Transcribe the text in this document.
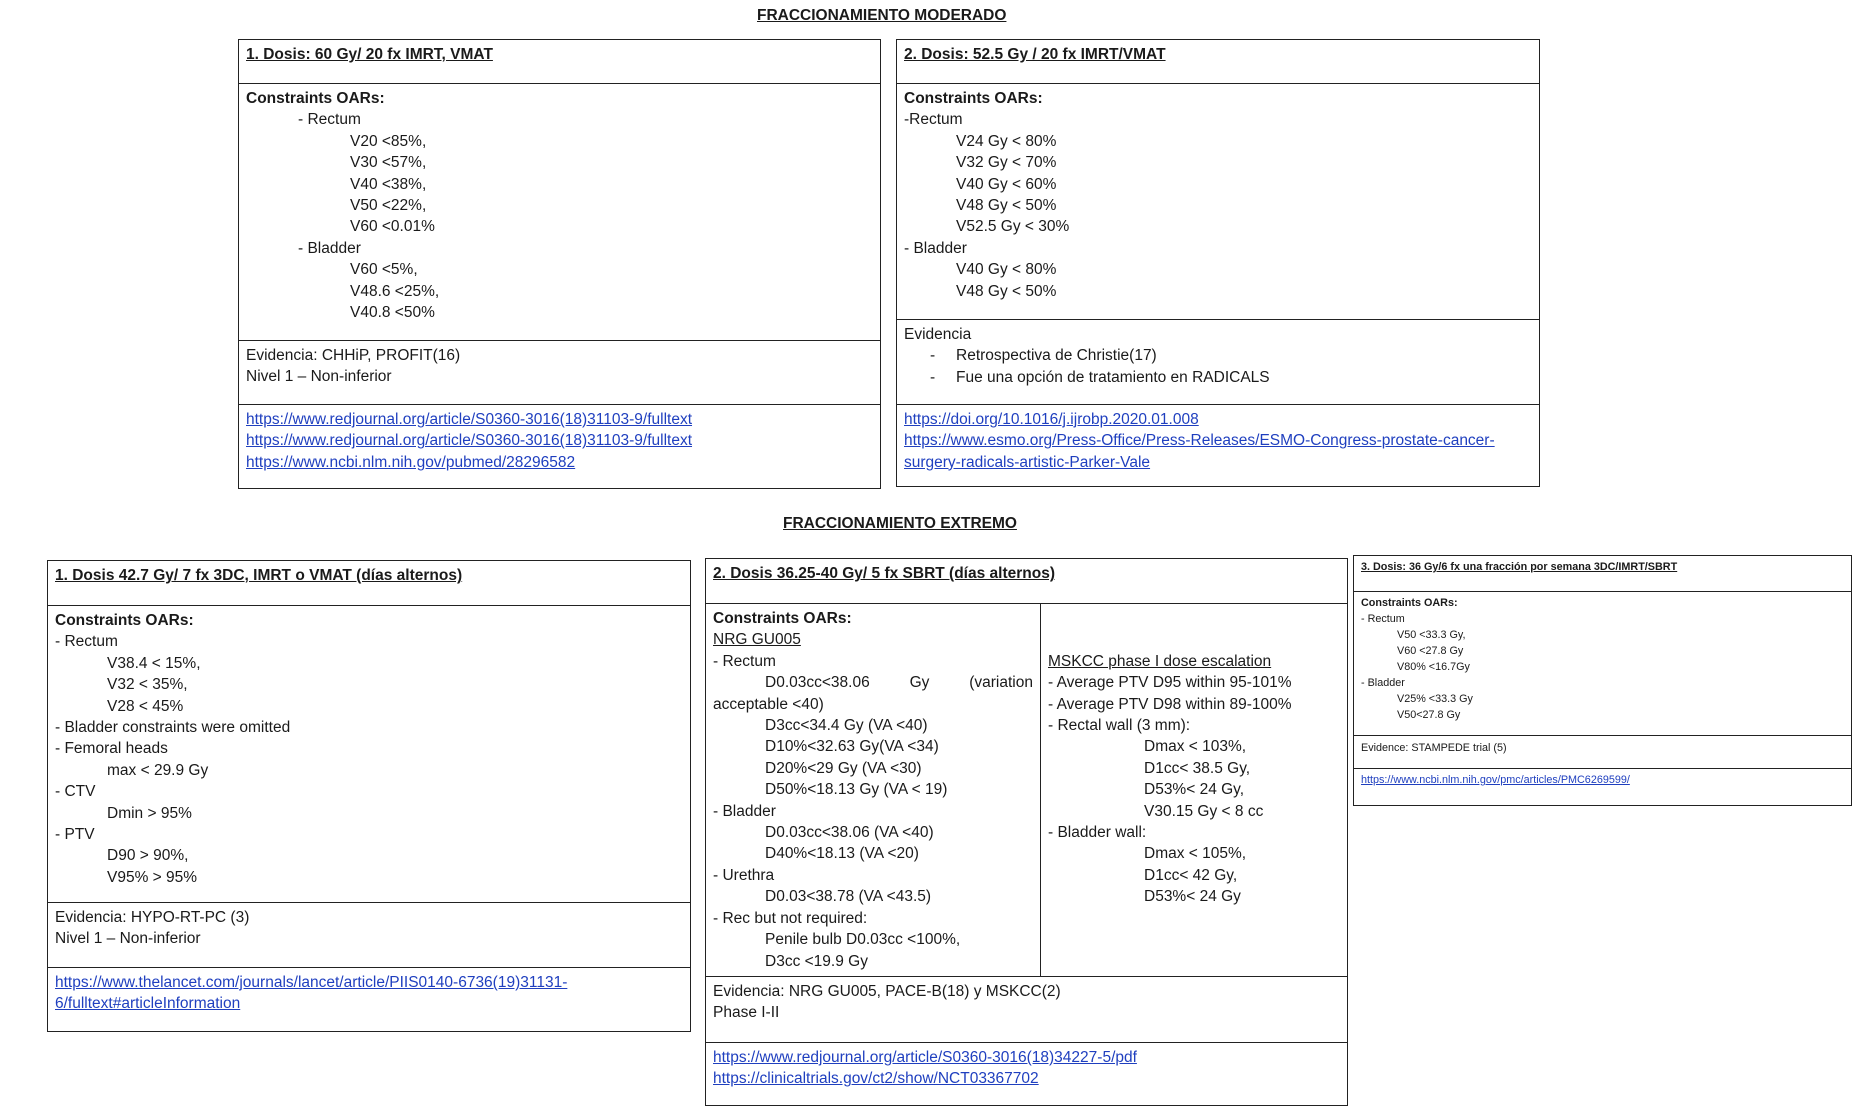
FRACCIONAMIENTO MODERADO
FRACCIONAMIENTO EXTREMO
1. Dosis: 60 Gy/ 20 fx IMRT, VMAT
Constraints OARs:
- Rectum
V20 <85%,
V30 <57%,
V40 <38%,
V50 <22%,
V60 <0.01%
- Bladder
V60 <5%,
V48.6 <25%,
V40.8 <50%
Evidencia: CHHiP, PROFIT(16)
Nivel 1 – Non-inferior
https://www.redjournal.org/article/S0360-3016(18)31103-9/fulltext
https://www.redjournal.org/article/S0360-3016(18)31103-9/fulltext
https://www.ncbi.nlm.nih.gov/pubmed/28296582
2. Dosis: 52.5 Gy / 20 fx IMRT/VMAT
Constraints OARs:
-Rectum
V24 Gy < 80%
V32 Gy < 70%
V40 Gy < 60%
V48 Gy < 50%
V52.5 Gy < 30%
- Bladder
V40 Gy < 80%
V48 Gy < 50%
Evidencia
- Retrospectiva de Christie(17)
- Fue una opción de tratamiento en RADICALS
https://doi.org/10.1016/j.ijrobp.2020.01.008
https://www.esmo.org/Press-Office/Press-Releases/ESMO-Congress-prostate-cancer-
surgery-radicals-artistic-Parker-Vale
1. Dosis 42.7 Gy/ 7 fx 3DC, IMRT o VMAT (días alternos)
Constraints OARs:
- Rectum
V38.4 < 15%,
V32 < 35%,
V28 < 45%
- Bladder constraints were omitted
- Femoral heads
max < 29.9 Gy
- CTV
Dmin > 95%
- PTV
D90 > 90%,
V95% > 95%
Evidencia: HYPO-RT-PC (3)
Nivel 1 – Non-inferior
https://www.thelancet.com/journals/lancet/article/PIIS0140-6736(19)31131-
6/fulltext#articleInformation
2. Dosis 36.25-40 Gy/ 5 fx SBRT (días alternos)
Constraints OARs:
NRG GU005
- Rectum
D0.03cc<38.06	Gy	(variation
acceptable <40)
D3cc<34.4 Gy (VA <40)
D10%<32.63 Gy(VA <34)
D20%<29 Gy (VA <30)
D50%<18.13 Gy (VA < 19)
- Bladder
D0.03cc<38.06 (VA <40)
D40%<18.13 (VA <20)
- Urethra
D0.03<38.78 (VA <43.5)
- Rec but not required:
Penile bulb D0.03cc <100%,
D3cc <19.9 Gy

MSKCC phase I dose escalation
- Average PTV D95 within 95-101%
- Average PTV D98 within 89-100%
- Rectal wall (3 mm):
Dmax < 103%,
D1cc< 38.5 Gy,
D53%< 24 Gy,
V30.15 Gy < 8 cc
- Bladder wall:
Dmax < 105%,
D1cc< 42 Gy,
D53%< 24 Gy
Evidencia: NRG GU005, PACE-B(18) y MSKCC(2)
Phase I-II
https://www.redjournal.org/article/S0360-3016(18)34227-5/pdf
https://clinicaltrials.gov/ct2/show/NCT03367702
3. Dosis: 36 Gy/6 fx una fracción por semana 3DC/IMRT/SBRT
Constraints OARs:
- Rectum
V50 <33.3 Gy,
V60 <27.8 Gy
V80% <16.7Gy
- Bladder
V25% <33.3 Gy
V50<27.8 Gy
Evidence: STAMPEDE trial (5)
https://www.ncbi.nlm.nih.gov/pmc/articles/PMC6269599/
